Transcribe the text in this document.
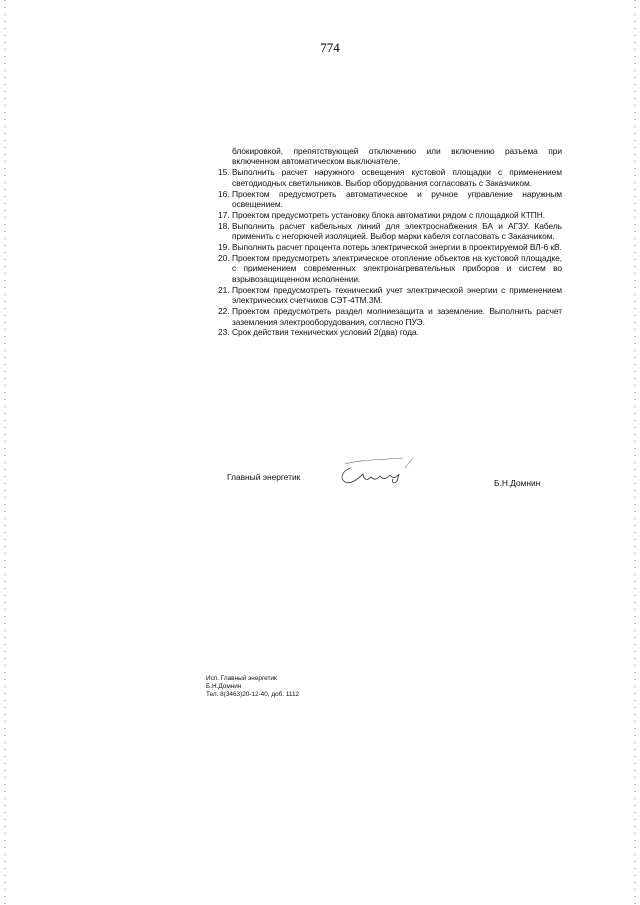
774
блокировкой, препятствующей отключению или включению разъема при включенном автоматическом выключателе.
15. Выполнить расчет наружного освещения кустовой площадки с применением светодиодных светильников. Выбор оборудования согласовать с Заказчиком.
16. Проектом предусмотреть автоматическое и ручное управление наружным освещением.
17. Проектом предусмотреть установку блока автоматики рядом с площадкой КТПН.
18. Выполнить расчет кабельных линий для электроснабжения БА и АГЗУ. Кабель применить с негорючей изоляцией. Выбор марки кабеля согласовать с Заказчиком.
19. Выполнить расчет процента потерь электрической энергии в проектируемой ВЛ-6 кВ.
20. Проектом предусмотреть электрическое отопление объектов на кустовой площадке, с применением современных электронагревательных приборов и систем во взрывозащищенном исполнении.
21. Проектом предусмотреть технический учет электрической энергии с применением электрических счетчиков СЭТ-4ТМ.3М.
22. Проектом предусмотреть раздел молниезащита и заземление. Выполнить расчет заземления электрооборудования, согласно ПУЭ.
23. Срок действия технических условий 2(два) года.
Главный энергетик
Б.Н.Домнин
Исп. Главный энергетик
Б.Н.Домнин
Тел. 8(3463)20-12-40, доб. 1112
